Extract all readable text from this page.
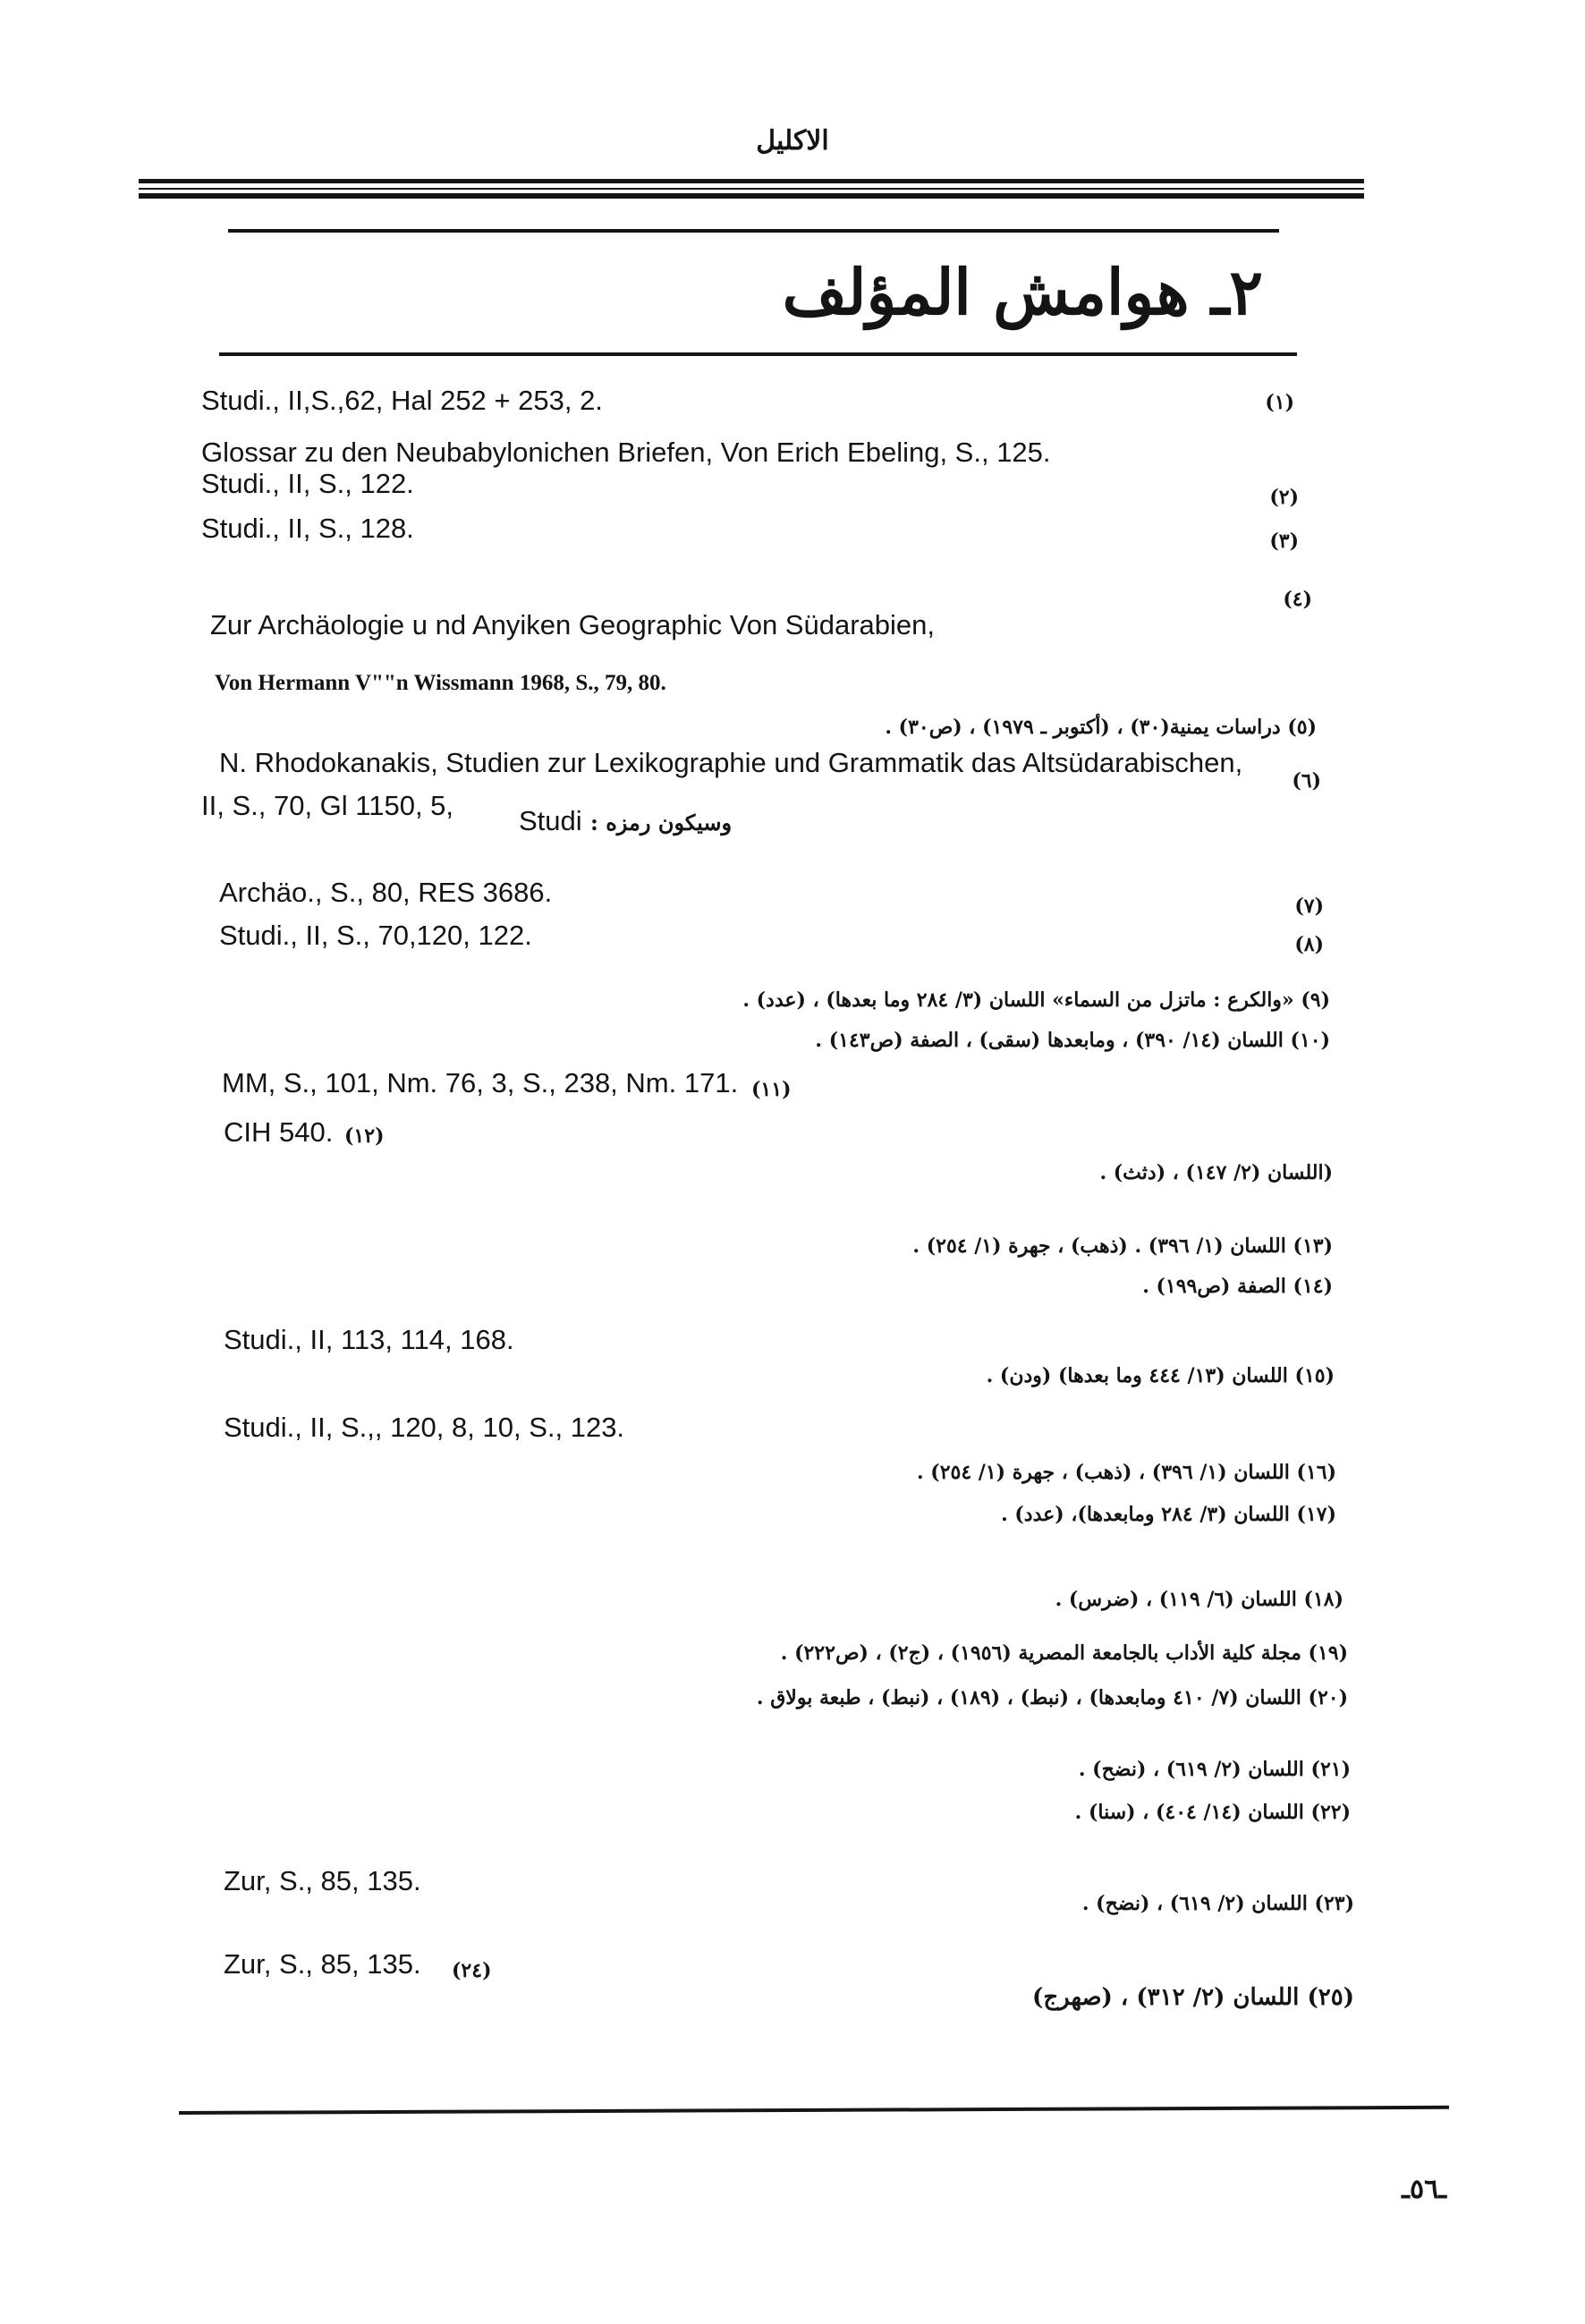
الاكليل
٢ـ هوامش المؤلف
(١)
Studi., II,S.,62, Hal 252 + 253, 2.
Glossar zu den Neubabylonichen Briefen, Von Erich Ebeling, S., 125.
(٢)
Studi., II, S., 122.
(٣)
Studi., II, S., 128.
(٤)
Zur Archäologie u nd Anyiken Geographic Von Südarabien,
Von Hermann V""n Wissmann 1968, S., 79, 80.
(٥) دراسات يمنية(٣٠) ، (أكتوبر ـ ١٩٧٩) ، (ص٣٠) .
(٦)
N. Rhodokanakis, Studien zur Lexikographie und Grammatik das Altsüdarabischen,
II, S., 70, Gl 1150, 5, Studi وسيكون رمزه :
(٧)
Archäo., S., 80, RES 3686.
(٨)
Studi., II, S., 70,120, 122.
(٩) «والكرع : ماتزل من السماء» اللسان (٣/ ٢٨٤ وما بعدها) ، (عدد) .
(١٠) اللسان (١٤/ ٣٩٠) ، ومابعدها (سقى) ، الصفة (ص١٤٣) .
MM, S., 101, Nm. 76, 3, S., 238, Nm. 171. (١١)
CIH 540. (١٢)
(اللسان (٢/ ١٤٧) ، (دثث) .
(١٣) اللسان (١/ ٣٩٦) . (ذهب) ، جهرة (١/ ٢٥٤) .
(١٤) الصفة (ص١٩٩) .
Studi., II, 113, 114, 168.
(١٥) اللسان (١٣/ ٤٤٤ وما بعدها) (ودن) .
Studi., II, S.,, 120, 8, 10, S., 123.
(١٦) اللسان (١/ ٣٩٦) ، (ذهب) ، جهرة (١/ ٢٥٤) .
(١٧) اللسان (٣/ ٢٨٤ ومابعدها)، (عدد) .
(١٨) اللسان (٦/ ١١٩) ، (ضرس) .
(١٩) مجلة كلية الأداب بالجامعة المصرية (١٩٥٦) ، (ج٢) ، (ص٢٢٢) .
(٢٠) اللسان (٧/ ٤١٠ ومابعدها) ، (نبط) ، (١٨٩) ، (نبط) ، طبعة بولاق .
(٢١) اللسان (٢/ ٦١٩) ، (نضح) .
(٢٢) اللسان (١٤/ ٤٠٤) ، (سنا) .
Zur, S., 85, 135.
(٢٣) اللسان (٢/ ٦١٩) ، (نضح) .
Zur, S., 85, 135. (٢٤)
(٢٥) اللسان (٢/ ٣١٢) ، (صهرج)
ـ٥٦ـ
